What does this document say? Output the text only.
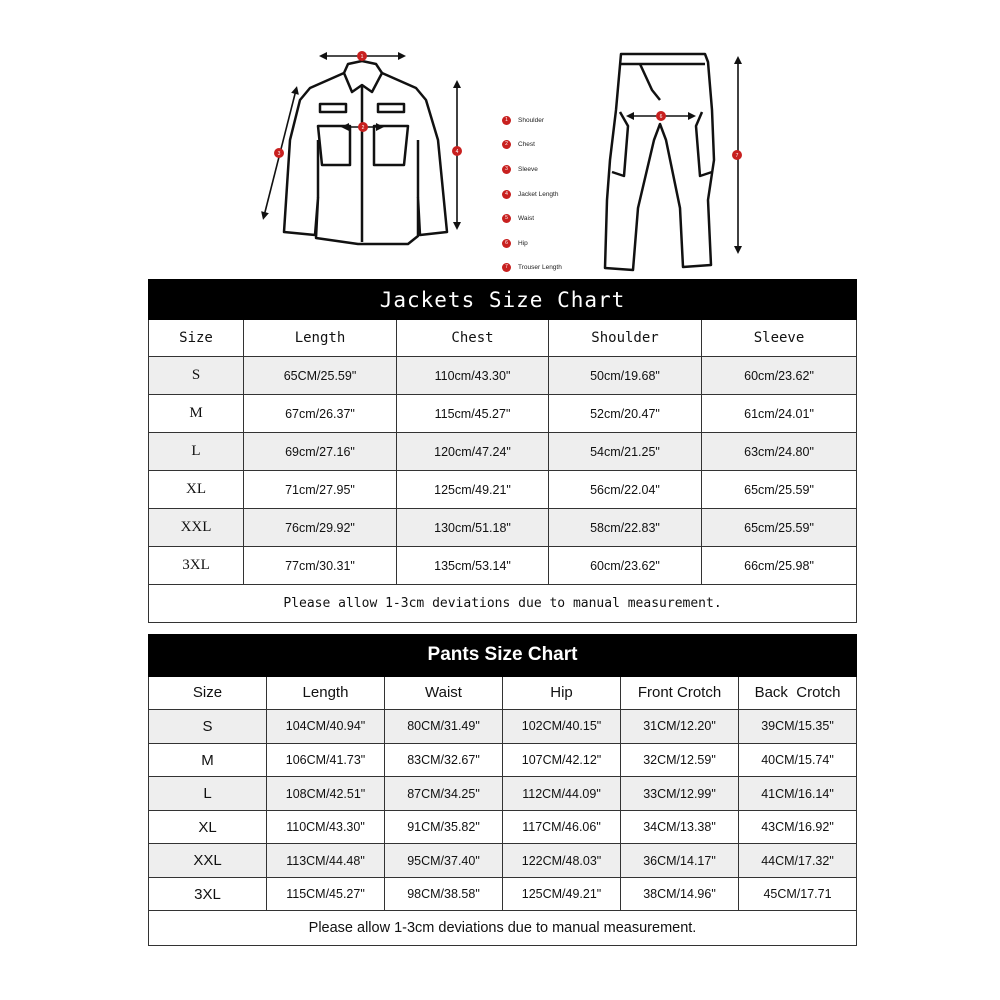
1
2
3	4
6
7
1	Shoulder
2	Chest
3	Sleeve
4	Jacket Length
5	Waist
6	Hip
7	Trouser Length
Jackets Size Chart				
Size	Length	Chest	Shoulder	Sleeve
S	65CM/25.59"	110cm/43.30"	50cm/19.68"	60cm/23.62"
M	67cm/26.37"	115cm/45.27"	52cm/20.47"	61cm/24.01"
L	69cm/27.16"	120cm/47.24"	54cm/21.25"	63cm/24.80"
XL	71cm/27.95"	125cm/49.21"	56cm/22.04"	65cm/25.59"
XXL	76cm/29.92"	130cm/51.18"	58cm/22.83"	65cm/25.59"
3XL	77cm/30.31"	135cm/53.14"	60cm/23.62"	66cm/25.98"
Please allow 1-3cm deviations due to manual measurement.				
Pants Size Chart					
Size	Length	Waist	Hip	Front Crotch	Back  Crotch
S	104CM/40.94"	80CM/31.49"	102CM/40.15"	31CM/12.20"	39CM/15.35"
M	106CM/41.73"	83CM/32.67"	107CM/42.12"	32CM/12.59"	40CM/15.74"
L	108CM/42.51"	87CM/34.25"	112CM/44.09"	33CM/12.99"	41CM/16.14"
XL	110CM/43.30"	91CM/35.82"	117CM/46.06"	34CM/13.38"	43CM/16.92"
XXL	113CM/44.48"	95CM/37.40"	122CM/48.03"	36CM/14.17"	44CM/17.32"
3XL	115CM/45.27"	98CM/38.58"	125CM/49.21"	38CM/14.96"	45CM/17.71
Please allow 1-3cm deviations due to manual measurement.					
